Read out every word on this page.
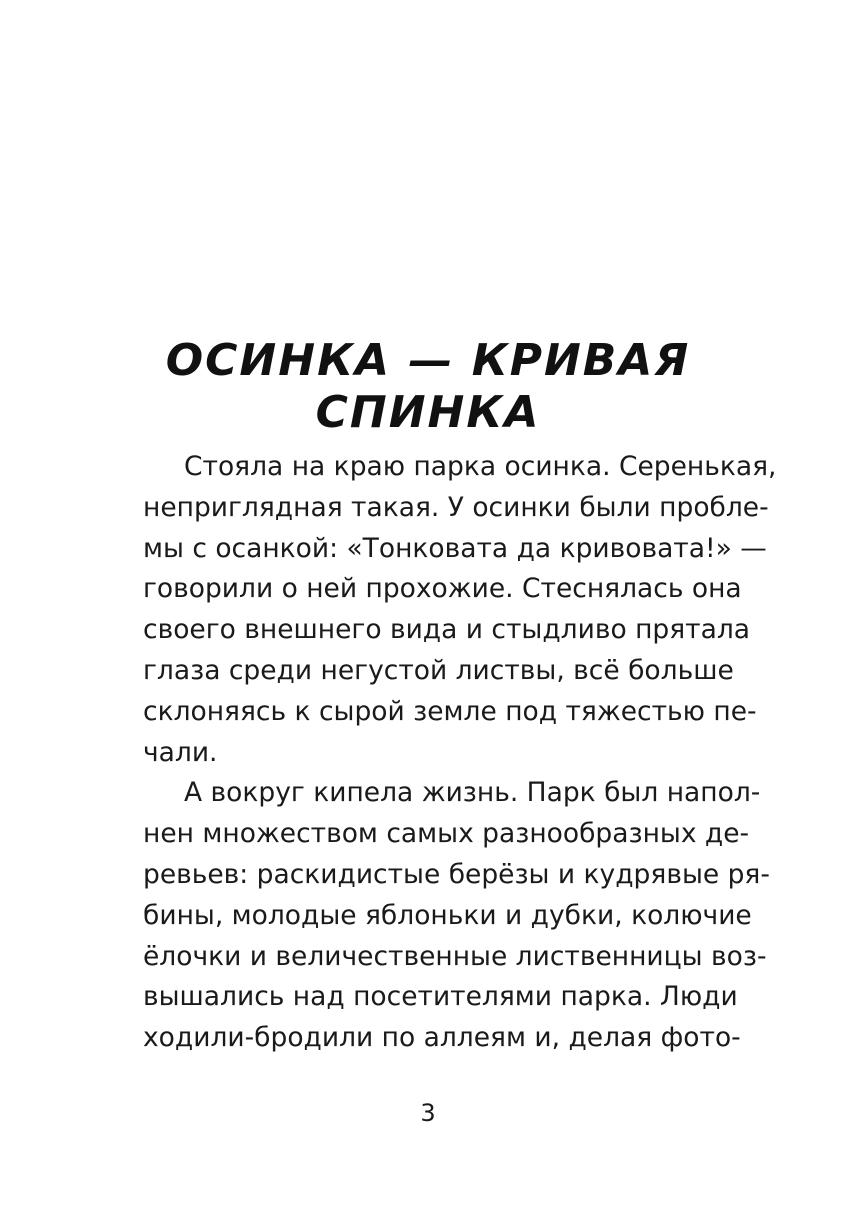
ОСИНКА — КРИВАЯ
СПИНКА
Стояла на краю парка осинка. Серенькая,
неприглядная такая. У осинки были пробле-
мы с осанкой: «Тонковата да кривовата!» —
говорили о ней прохожие. Стеснялась она
своего внешнего вида и стыдливо прятала
глаза среди негустой листвы, всё больше
склоняясь к сырой земле под тяжестью пе-
чали.
А вокруг кипела жизнь. Парк был напол-
нен множеством самых разнообразных де-
ревьев: раскидистые берёзы и кудрявые ря-
бины, молодые яблоньки и дубки, колючие
ёлочки и величественные лиственницы воз-
вышались над посетителями парка. Люди
ходили-бродили по аллеям и, делая фото-
3
